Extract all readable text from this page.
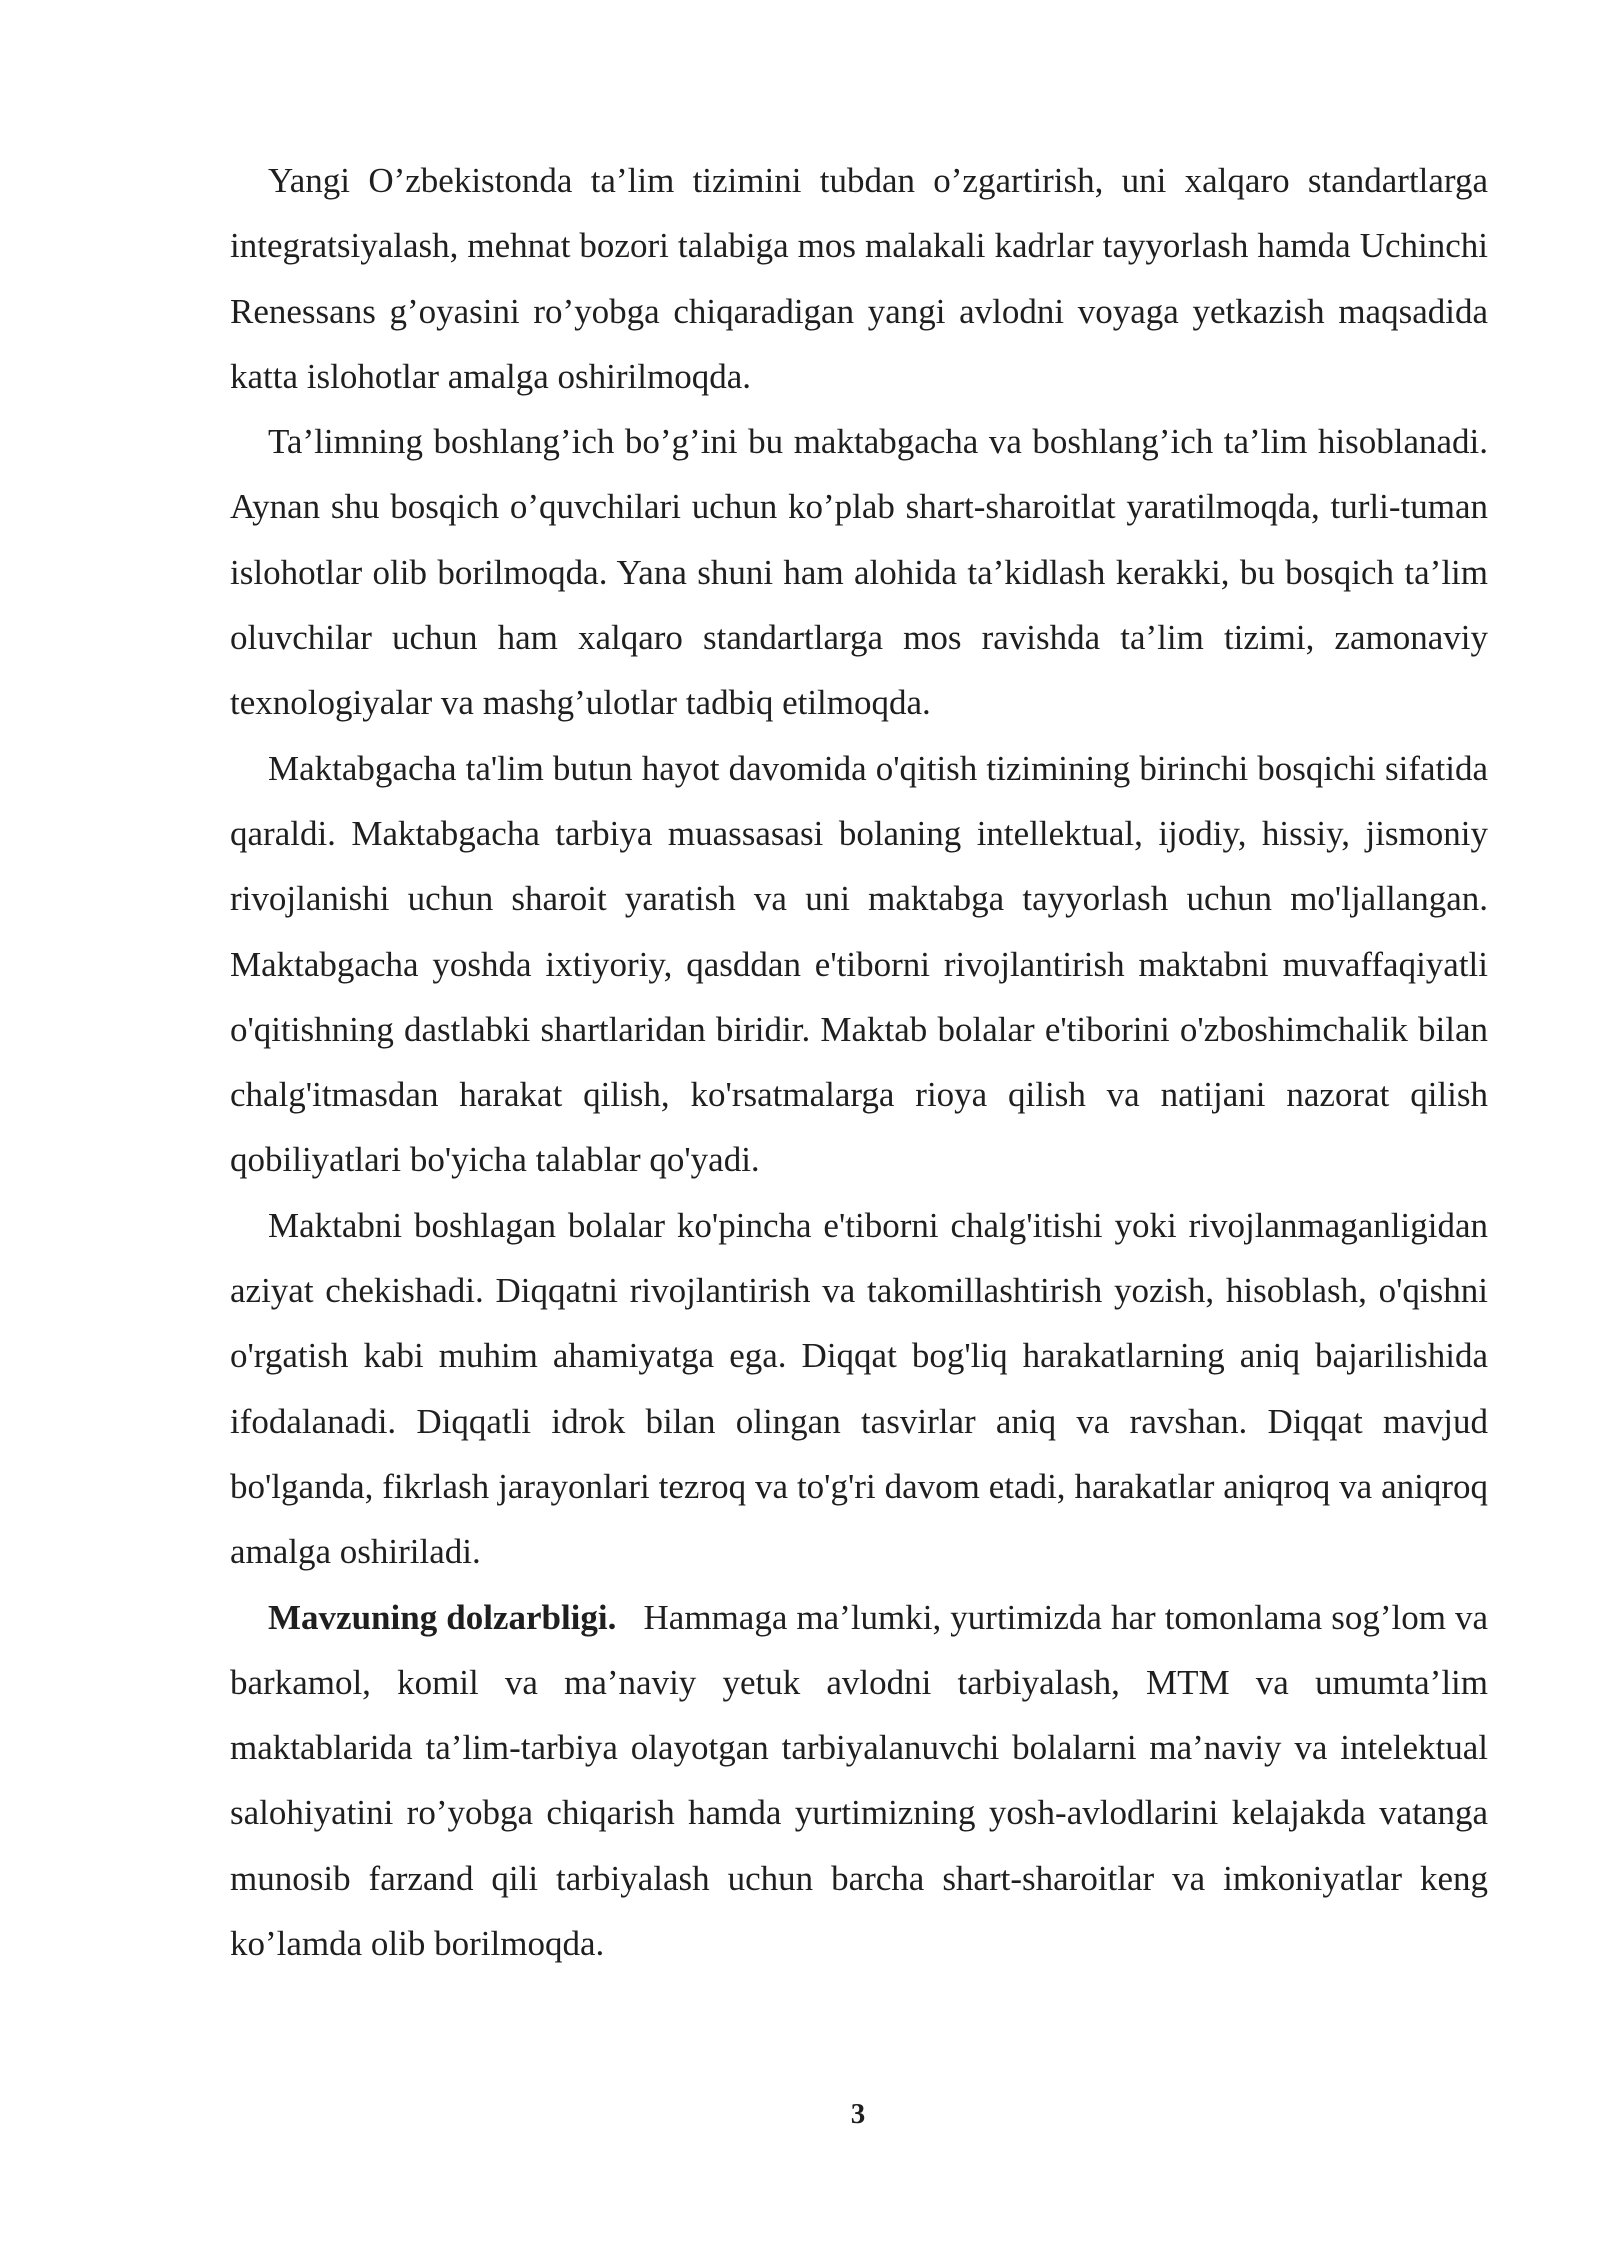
Yangi O’zbekistonda ta’lim tizimini tubdan o’zgartirish, uni xalqaro standartlarga integratsiyalash, mehnat bozori talabiga mos malakali kadrlar tayyorlash hamda Uchinchi Renessans g’oyasini ro’yobga chiqaradigan yangi avlodni voyaga yetkazish maqsadida katta islohotlar amalga oshirilmoqda.

Ta’limning boshlang’ich bo’g’ini bu maktabgacha va boshlang’ich ta’lim hisoblanadi. Aynan shu bosqich o’quvchilari uchun ko’plab shart-sharoitlat yaratilmoqda, turli-tuman islohotlar olib borilmoqda. Yana shuni ham alohida ta’kidlash kerakki, bu bosqich ta’lim oluvchilar uchun ham xalqaro standartlarga mos ravishda ta’lim tizimi, zamonaviy texnologiyalar va mashg’ulotlar tadbiq etilmoqda.

Maktabgacha ta'lim butun hayot davomida o'qitish tizimining birinchi bosqichi sifatida qaraldi. Maktabgacha tarbiya muassasasi bolaning intellektual, ijodiy, hissiy, jismoniy rivojlanishi uchun sharoit yaratish va uni maktabga tayyorlash uchun mo'ljallangan. Maktabgacha yoshda ixtiyoriy, qasddan e'tiborni rivojlantirish maktabni muvaffaqiyatli o'qitishning dastlabki shartlaridan biridir. Maktab bolalar e'tiborini o'zboshimchalik bilan chalg'itmasdan harakat qilish, ko'rsatmalarga rioya qilish va natijani nazorat qilish qobiliyatlari bo'yicha talablar qo'yadi.

Maktabni boshlagan bolalar ko'pincha e'tiborni chalg'itishi yoki rivojlanmaganligidan aziyat chekishadi. Diqqatni rivojlantirish va takomillashtirish yozish, hisoblash, o'qishni o'rgatish kabi muhim ahamiyatga ega. Diqqat bog'liq harakatlarning aniq bajarilishida ifodalanadi. Diqqatli idrok bilan olingan tasvirlar aniq va ravshan. Diqqat mavjud bo'lganda, fikrlash jarayonlari tezroq va to'g'ri davom etadi, harakatlar aniqroq va aniqroq amalga oshiriladi.

Mavzuning dolzarbligi. Hammaga ma’lumki, yurtimizda har tomonlama sog’lom va barkamol, komil va ma’naviy yetuk avlodni tarbiyalash, MTM va umumta’lim maktablarida ta’lim-tarbiya olayotgan tarbiyalanuvchi bolalarni ma’naviy va intelektual salohiyatini ro’yobga chiqarish hamda yurtimizning yosh-avlodlarini kelajakda vatanga munosib farzand qili tarbiyalash uchun barcha shart-sharoitlar va imkoniyatlar keng ko’lamda olib borilmoqda.

3
